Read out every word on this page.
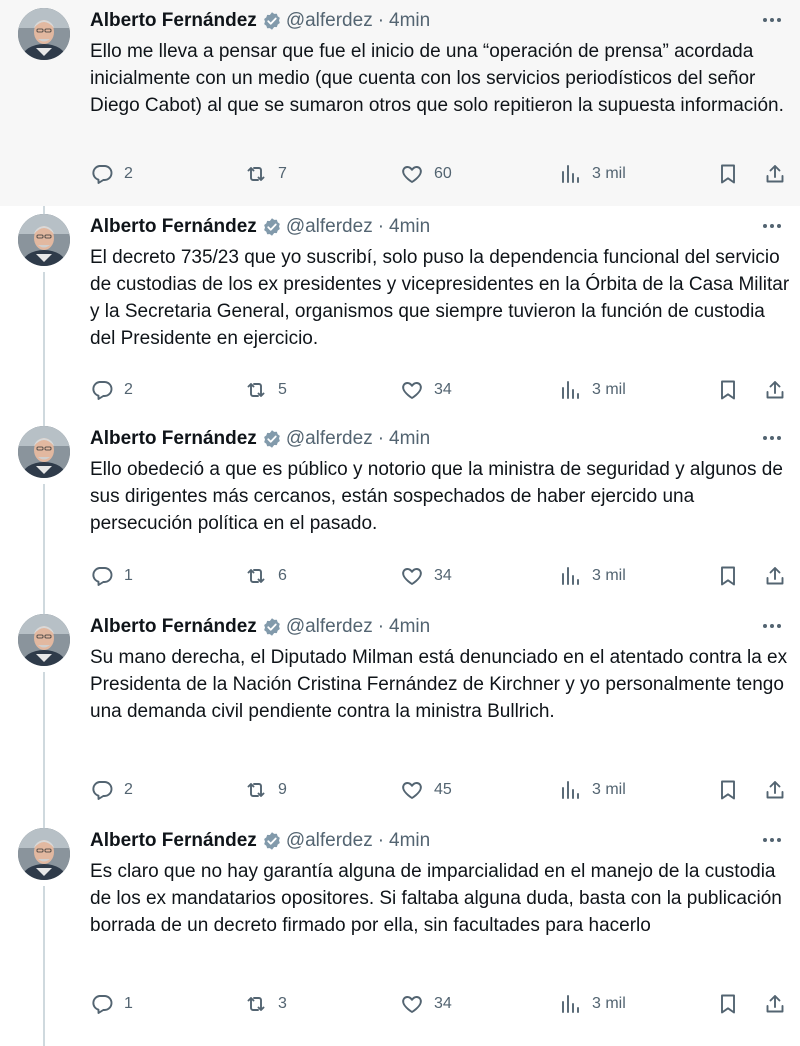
Alberto Fernández @alferdez · 4min
Ello me lleva a pensar que fue el inicio de una “operación de prensa” acordada inicialmente con un medio (que cuenta con los servicios periodísticos del señor Diego Cabot) al que se sumaron otros que solo repitieron la supuesta información.
2	7	60	3 mil
Alberto Fernández @alferdez · 4min
El decreto 735/23 que yo suscribí, solo puso la dependencia funcional del servicio de custodias de los ex presidentes y vicepresidentes en la Órbita de la Casa Militar y la Secretaria General, organismos que siempre tuvieron la función de custodia del Presidente en ejercicio.
2	5	34	3 mil
Alberto Fernández @alferdez · 4min
Ello obedeció a que es público y notorio que la ministra de seguridad y algunos de sus dirigentes más cercanos, están sospechados de haber ejercido una persecución política en el pasado.
1	6	34	3 mil
Alberto Fernández @alferdez · 4min
Su mano derecha, el Diputado Milman está denunciado en el atentado contra la ex Presidenta de la Nación Cristina Fernández de Kirchner y yo personalmente tengo una demanda civil pendiente contra la ministra Bullrich.
2	9	45	3 mil
Alberto Fernández @alferdez · 4min
Es claro que no hay garantía alguna de imparcialidad en el manejo de la custodia de los ex mandatarios opositores. Si faltaba alguna duda, basta con la publicación borrada de un decreto firmado por ella, sin facultades para hacerlo
1	3	34	3 mil
